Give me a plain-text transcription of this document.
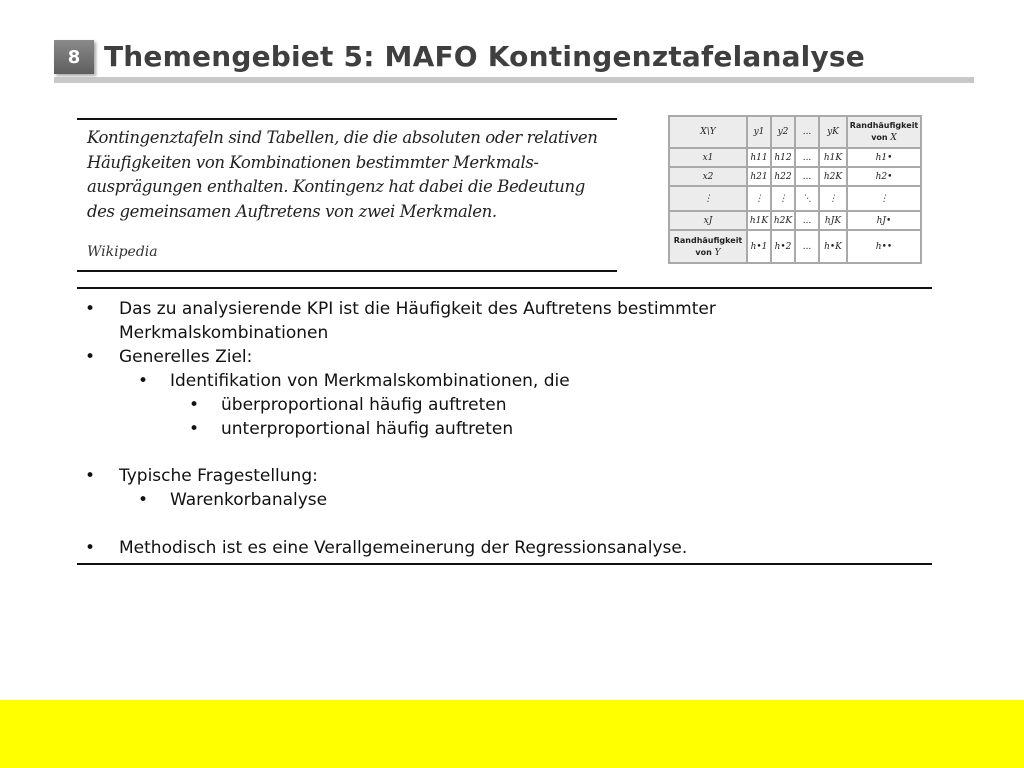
8 Themengebiet 5: MAFO Kontingenztafelanalyse
Kontingenztafeln sind Tabellen, die die absoluten oder relativen
Häufigkeiten von Kombinationen bestimmter Merkmals-
ausprägungen enthalten. Kontingenz hat dabei die Bedeutung
des gemeinsamen Auftretens von zwei Merkmalen.
Wikipedia
X\Y	y1	y2	...	yK	Randhäufigkeit
von X

x1	h11	h12	...	h1K	h1•
x2	h21	h22	...	h2K	h2•
⋮	⋮	⋮	⋱	⋮	⋮
xJ	h1K	h2K	...	hJK	hJ•

Randhäufigkeit
von Y	h•1	h•2	...	h•K	h••
• Das zu analysierende KPI ist die Häufigkeit des Auftretens bestimmter
Merkmalskombinationen
• Generelles Ziel:
• Identifikation von Merkmalskombinationen, die
• überproportional häufig auftreten
• unterproportional häufig auftreten
• Typische Fragestellung:
• Warenkorbanalyse
• Methodisch ist es eine Verallgemeinerung der Regressionsanalyse.
